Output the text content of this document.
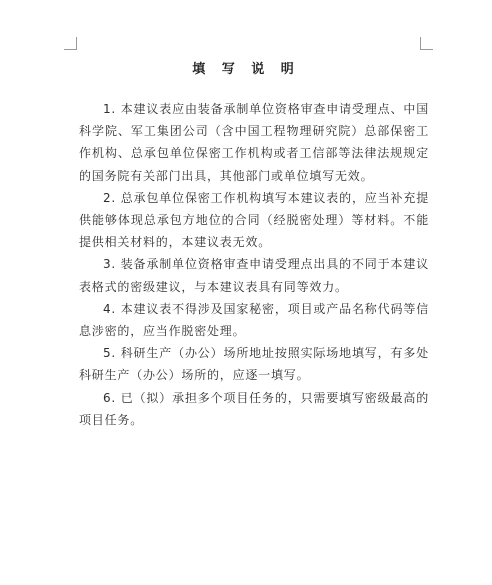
填 写 说 明

1. 本建议表应由装备承制单位资格审查申请受理点、中国科学院、军工集团公司（含中国工程物理研究院）总部保密工作机构、总承包单位保密工作机构或者工信部等法律法规规定的国务院有关部门出具，其他部门或单位填写无效。

2. 总承包单位保密工作机构填写本建议表的，应当补充提供能够体现总承包方地位的合同（经脱密处理）等材料。不能提供相关材料的，本建议表无效。

3. 装备承制单位资格审查申请受理点出具的不同于本建议表格式的密级建议，与本建议表具有同等效力。

4. 本建议表不得涉及国家秘密，项目或产品名称代码等信息涉密的，应当作脱密处理。

5. 科研生产（办公）场所地址按照实际场地填写，有多处科研生产（办公）场所的，应逐一填写。

6. 已（拟）承担多个项目任务的，只需要填写密级最高的项目任务。
